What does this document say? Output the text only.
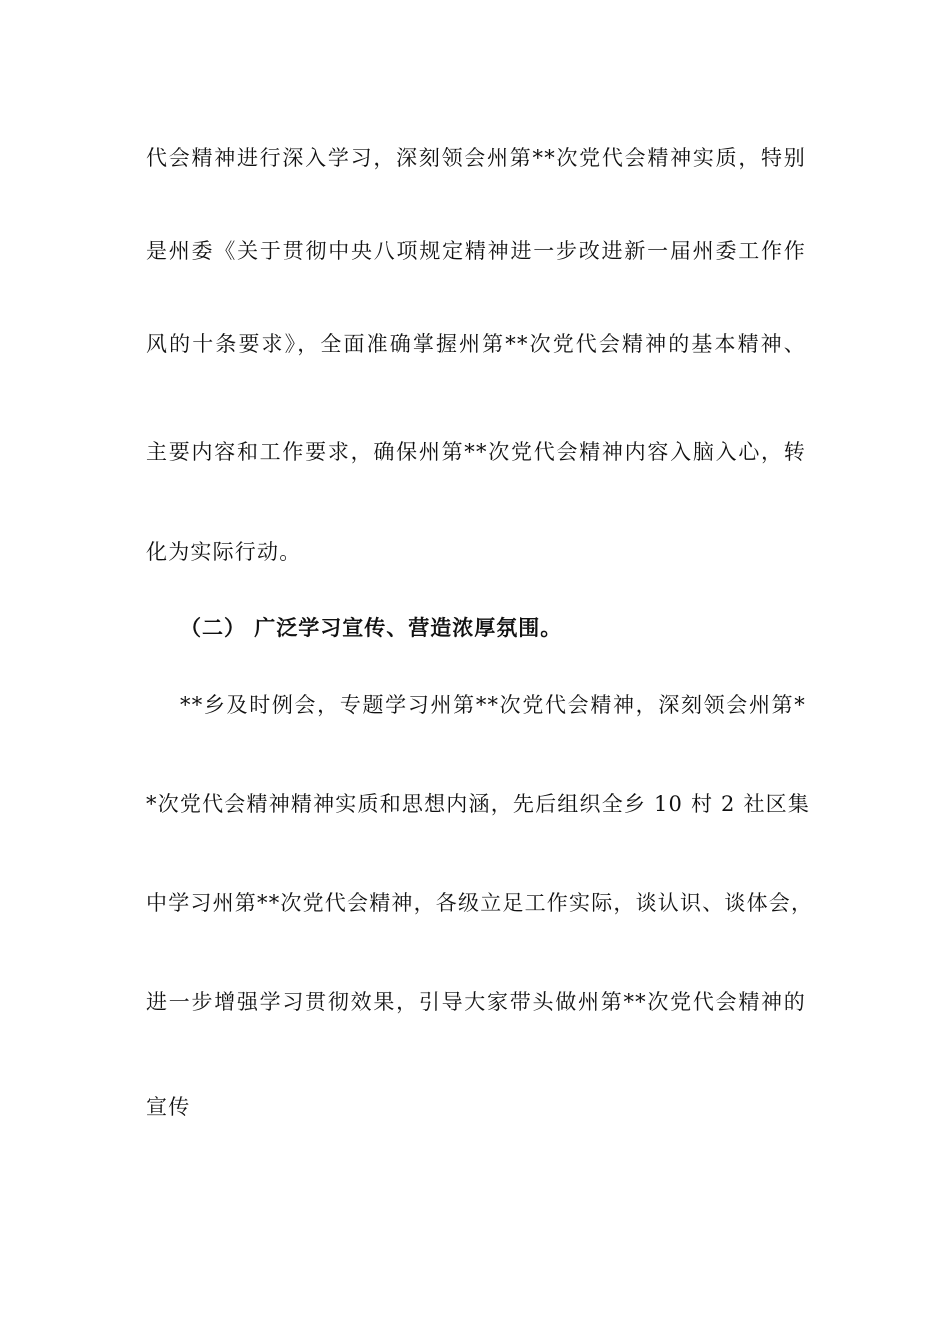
代会精神进行深入学习，深刻领会州第**次党代会精神实质，特别
是州委《关于贯彻中央八项规定精神进一步改进新一届州委工作作
风的十条要求》，全面准确掌握州第**次党代会精神的基本精神、
主要内容和工作要求，确保州第**次党代会精神内容入脑入心，转
化为实际行动。
（二） 广泛学习宣传、营造浓厚氛围。
**乡及时例会，专题学习州第**次党代会精神，深刻领会州第*
*次党代会精神精神实质和思想内涵，先后组织全乡 10 村 2 社区集
中学习州第**次党代会精神，各级立足工作实际，谈认识、谈体会，
进一步增强学习贯彻效果，引导大家带头做州第**次党代会精神的
宣传
